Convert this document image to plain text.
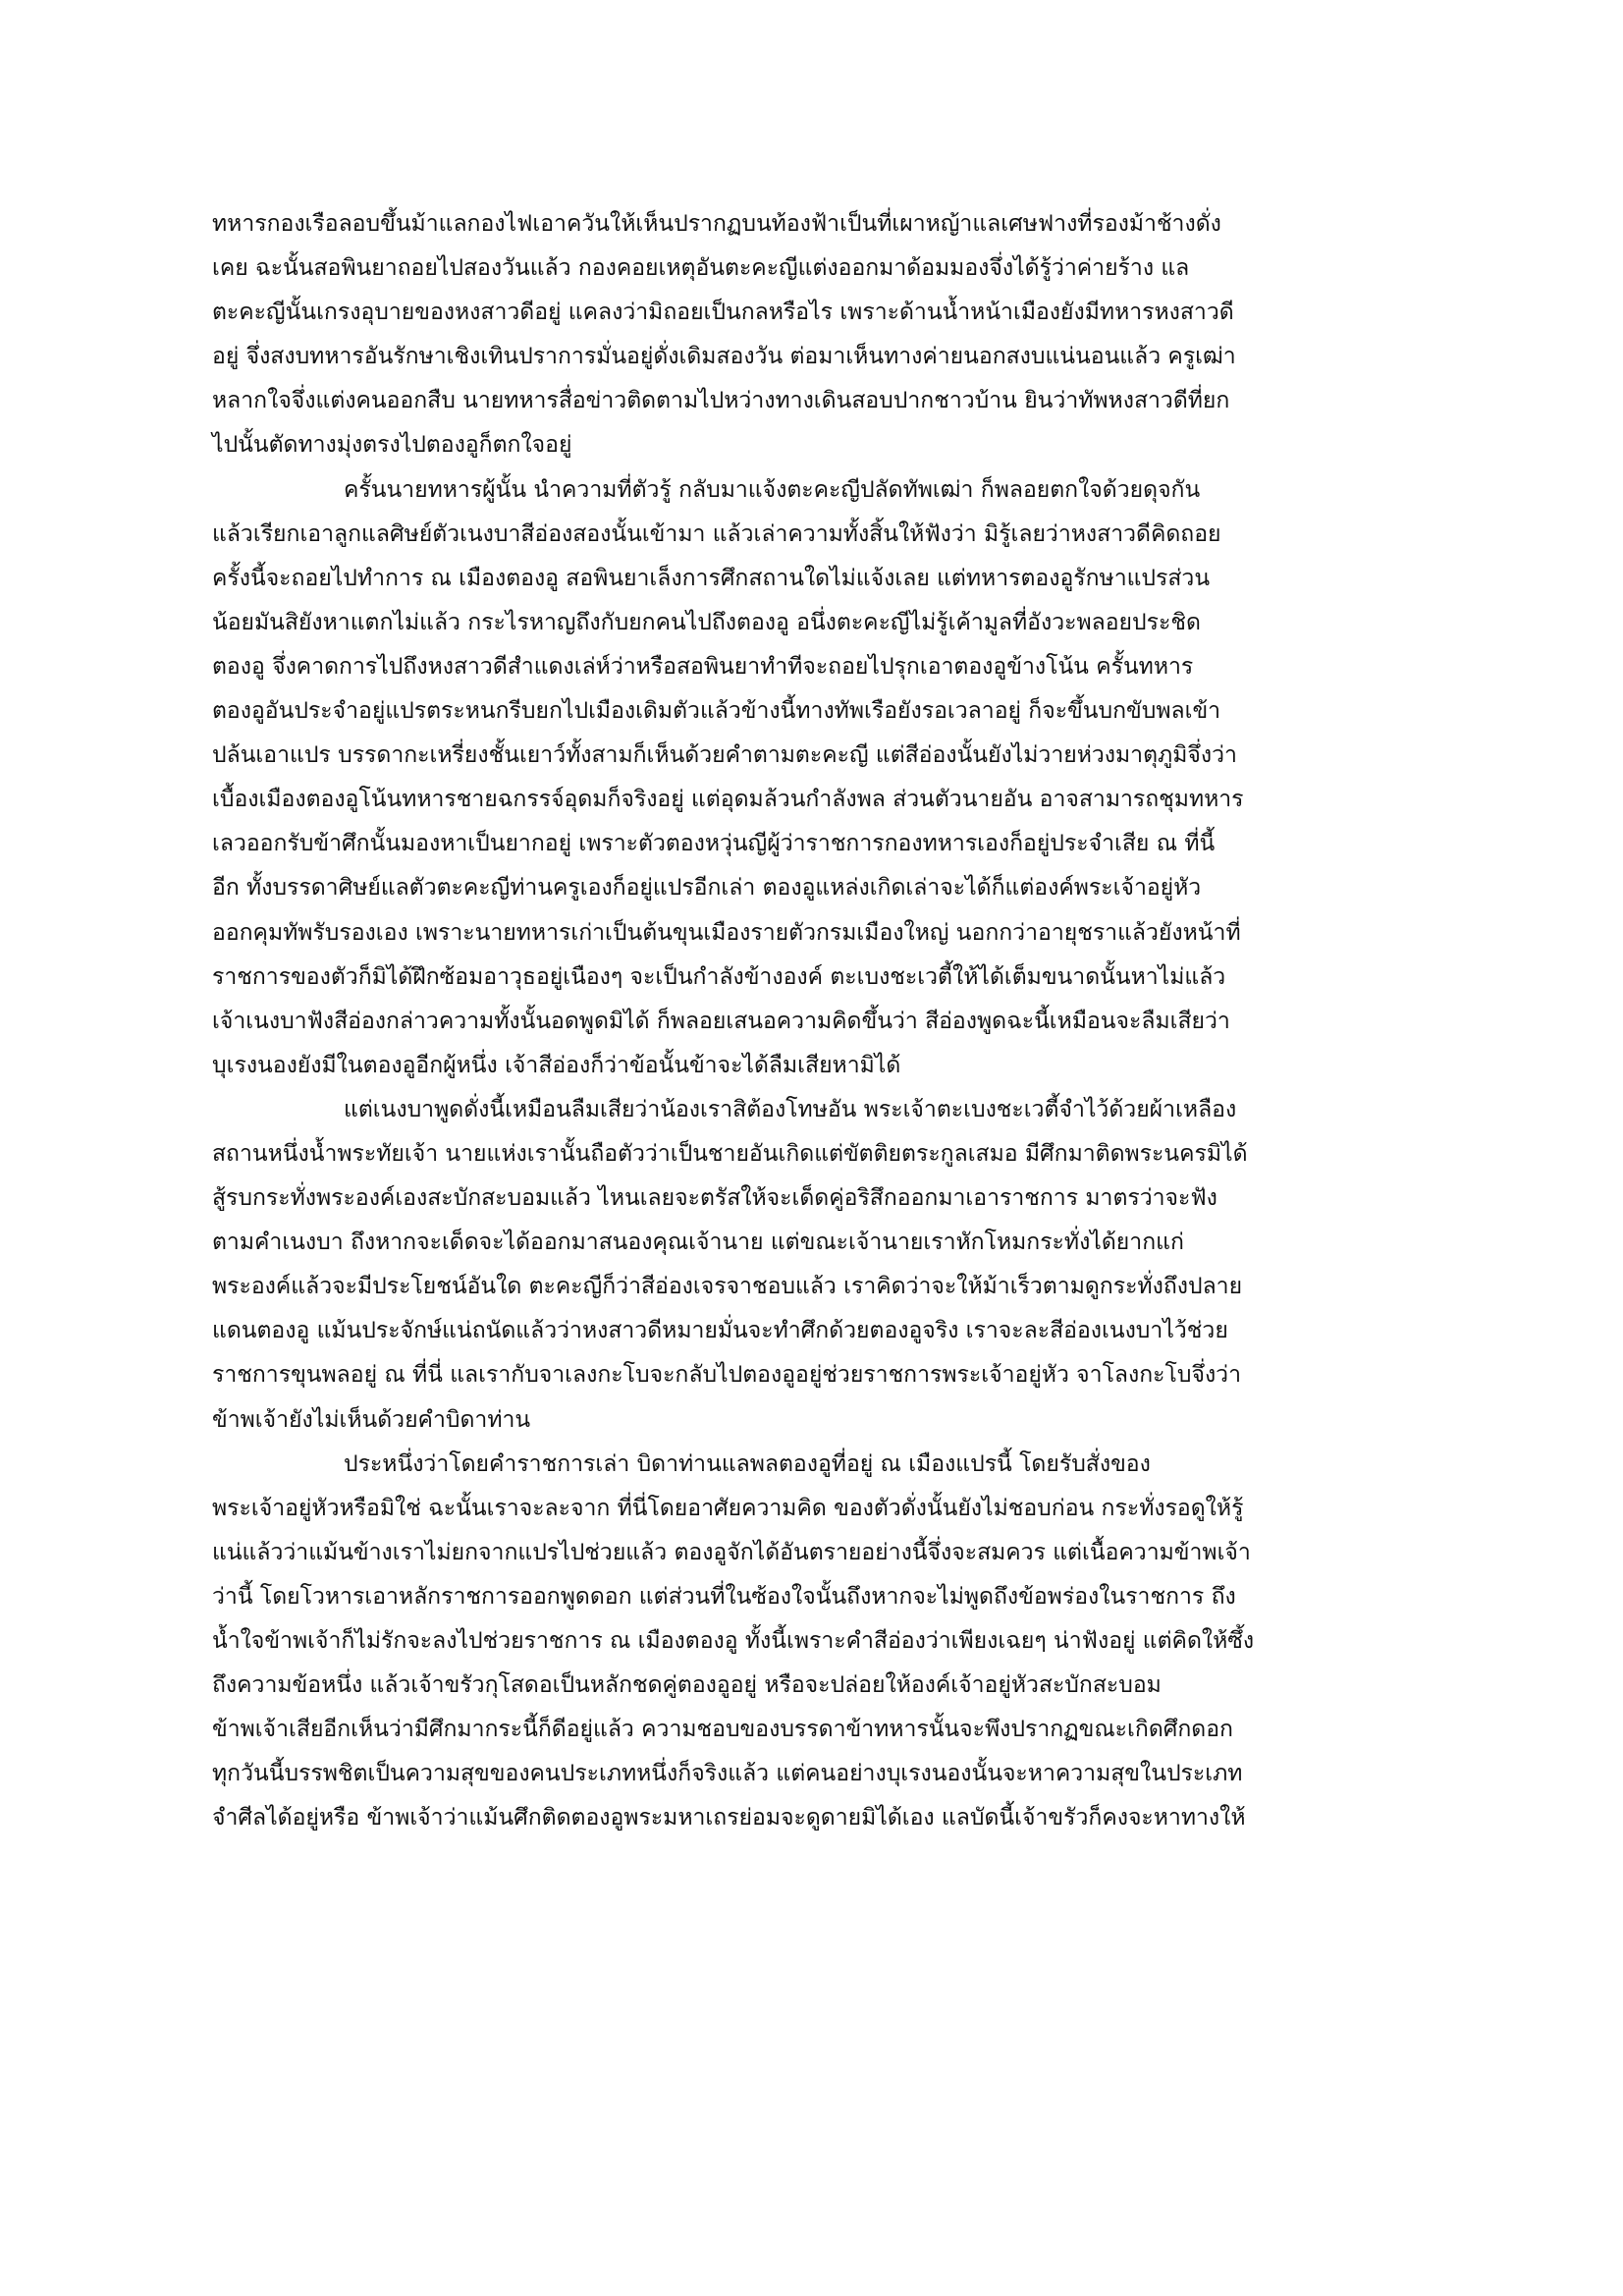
ทหารกองเรือลอบขึ้นม้าแลกองไฟเอาควันให้เห็นปรากฏบนท้องฟ้าเป็นที่เผาหญ้าแลเศษฟางที่รองม้าช้างดั่ง
เคย ฉะนั้นสอพินยาถอยไปสองวันแล้ว กองคอยเหตุอันตะคะญีแต่งออกมาด้อมมองจึ่งได้รู้ว่าค่ายร้าง แล
ตะคะญีนั้นเกรงอุบายของหงสาวดีอยู่ แคลงว่ามิถอยเป็นกลหรือไร เพราะด้านน้ำหน้าเมืองยังมีทหารหงสาวดี
อยู่ จึ่งสงบทหารอันรักษาเชิงเทินปราการมั่นอยู่ดั่งเดิมสองวัน ต่อมาเห็นทางค่ายนอกสงบแน่นอนแล้ว ครูเฒ่า
หลากใจจึ่งแต่งคนออกสืบ นายทหารสื่อข่าวติดตามไปหว่างทางเดินสอบปากชาวบ้าน ยินว่าทัพหงสาวดีที่ยก
ไปนั้นตัดทางมุ่งตรงไปตองอูก็ตกใจอยู่
ครั้นนายทหารผู้นั้น นำความที่ตัวรู้ กลับมาแจ้งตะคะญีปลัดทัพเฒ่า ก็พลอยตกใจด้วยดุจกัน
แล้วเรียกเอาลูกแลศิษย์ตัวเนงบาสีอ่องสองนั้นเข้ามา แล้วเล่าความทั้งสิ้นให้ฟังว่า มิรู้เลยว่าหงสาวดีคิดถอย
ครั้งนี้จะถอยไปทำการ ณ เมืองตองอู สอพินยาเล็งการศึกสถานใดไม่แจ้งเลย แต่ทหารตองอูรักษาแปรส่วน
น้อยมันสิยังหาแตกไม่แล้ว กระไรหาญถึงกับยกคนไปถึงตองอู อนึ่งตะคะญีไม่รู้เค้ามูลที่อังวะพลอยประชิด
ตองอู จึ่งคาดการไปถึงหงสาวดีสำแดงเล่ห์ว่าหรือสอพินยาทำทีจะถอยไปรุกเอาตองอูข้างโน้น ครั้นทหาร
ตองอูอันประจำอยู่แปรตระหนกรีบยกไปเมืองเดิมตัวแล้วข้างนี้ทางทัพเรือยังรอเวลาอยู่ ก็จะขึ้นบกขับพลเข้า
ปล้นเอาแปร บรรดากะเหรี่ยงชั้นเยาว์ทั้งสามก็เห็นด้วยคำตามตะคะญี แต่สีอ่องนั้นยังไม่วายห่วงมาตุภูมิจึ่งว่า
เบื้องเมืองตองอูโน้นทหารชายฉกรรจ์อุดมก็จริงอยู่ แต่อุดมล้วนกำลังพล ส่วนตัวนายอัน อาจสามารถชุมทหาร
เลวออกรับข้าศึกนั้นมองหาเป็นยากอยู่ เพราะตัวตองหวุ่นญีผู้ว่าราชการกองทหารเองก็อยู่ประจำเสีย ณ ที่นี้
อีก ทั้งบรรดาศิษย์แลตัวตะคะญีท่านครูเองก็อยู่แปรอีกเล่า ตองอูแหล่งเกิดเล่าจะได้ก็แต่องค์พระเจ้าอยู่หัว
ออกคุมทัพรับรองเอง เพราะนายทหารเก่าเป็นต้นขุนเมืองรายตัวกรมเมืองใหญ่ นอกกว่าอายุชราแล้วยังหน้าที่
ราชการของตัวก็มิได้ฝึกซ้อมอาวุธอยู่เนืองๆ จะเป็นกำลังข้างองค์ ตะเบงชะเวตี้ให้ได้เต็มขนาดนั้นหาไม่แล้ว
เจ้าเนงบาฟังสีอ่องกล่าวความทั้งนั้นอดพูดมิได้ ก็พลอยเสนอความคิดขึ้นว่า สีอ่องพูดฉะนี้เหมือนจะลืมเสียว่า
บุเรงนองยังมีในตองอูอีกผู้หนึ่ง เจ้าสีอ่องก็ว่าข้อนั้นข้าจะได้ลืมเสียหามิได้
แต่เนงบาพูดดั่งนี้เหมือนลืมเสียว่าน้องเราสิต้องโทษอัน พระเจ้าตะเบงชะเวตี้จำไว้ด้วยผ้าเหลือง
สถานหนึ่งน้ำพระทัยเจ้า นายแห่งเรานั้นถือตัวว่าเป็นชายอันเกิดแต่ขัตติยตระกูลเสมอ มีศึกมาติดพระนครมิได้
สู้รบกระทั่งพระองค์เองสะบักสะบอมแล้ว ไหนเลยจะตรัสให้จะเด็ดคู่อริสึกออกมาเอาราชการ มาตรว่าจะฟัง
ตามคำเนงบา ถึงหากจะเด็ดจะได้ออกมาสนองคุณเจ้านาย แต่ขณะเจ้านายเราหักโหมกระทั่งได้ยากแก่
พระองค์แล้วจะมีประโยชน์อันใด ตะคะญีก็ว่าสีอ่องเจรจาชอบแล้ว เราคิดว่าจะให้ม้าเร็วตามดูกระทั่งถึงปลาย
แดนตองอู แม้นประจักษ์แน่ถนัดแล้วว่าหงสาวดีหมายมั่นจะทำศึกด้วยตองอูจริง เราจะละสีอ่องเนงบาไว้ช่วย
ราชการขุนพลอยู่ ณ ที่นี่ แลเรากับจาเลงกะโบจะกลับไปตองอูอยู่ช่วยราชการพระเจ้าอยู่หัว จาโลงกะโบจึ่งว่า
ข้าพเจ้ายังไม่เห็นด้วยคำบิดาท่าน
ประหนึ่งว่าโดยคำราชการเล่า บิดาท่านแลพลตองอูที่อยู่ ณ เมืองแปรนี้ โดยรับสั่งของ
พระเจ้าอยู่หัวหรือมิใช่ ฉะนั้นเราจะละจาก ที่นี่โดยอาศัยความคิด ของตัวดั่งนั้นยังไม่ชอบก่อน กระทั่งรอดูให้รู้
แน่แล้วว่าแม้นข้างเราไม่ยกจากแปรไปช่วยแล้ว ตองอูจักได้อันตรายอย่างนี้จึ่งจะสมควร แต่เนื้อความข้าพเจ้า
ว่านี้ โดยโวหารเอาหลักราชการออกพูดดอก แต่ส่วนที่ในซ้องใจนั้นถึงหากจะไม่พูดถึงข้อพร่องในราชการ ถึง
น้ำใจข้าพเจ้าก็ไม่รักจะลงไปช่วยราชการ ณ เมืองตองอู ทั้งนี้เพราะคำสีอ่องว่าเพียงเฉยๆ น่าฟังอยู่ แต่คิดให้ซึ้ง
ถึงความข้อหนึ่ง แล้วเจ้าขรัวกุโสดอเป็นหลักชดคู่ตองอูอยู่ หรือจะปล่อยให้องค์เจ้าอยู่หัวสะบักสะบอม
ข้าพเจ้าเสียอีกเห็นว่ามีศึกมากระนี้ก็ดีอยู่แล้ว ความชอบของบรรดาข้าทหารนั้นจะพึงปรากฏขณะเกิดศึกดอก
ทุกวันนี้บรรพชิตเป็นความสุขของคนประเภทหนึ่งก็จริงแล้ว แต่คนอย่างบุเรงนองนั้นจะหาความสุขในประเภท
จำศีลได้อยู่หรือ ข้าพเจ้าว่าแม้นศึกติดตองอูพระมหาเถรย่อมจะดูดายมิได้เอง แลบัดนี้เจ้าขรัวก็คงจะหาทางให้
